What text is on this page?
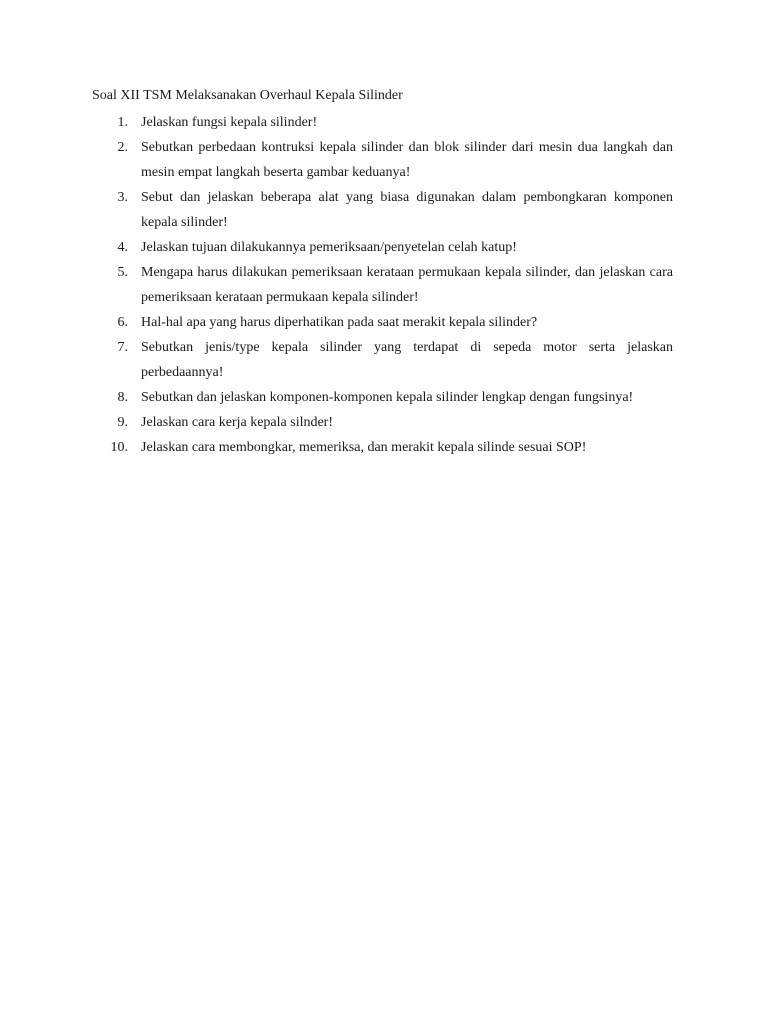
Soal XII TSM Melaksanakan Overhaul Kepala Silinder
1. Jelaskan fungsi kepala silinder!
2. Sebutkan perbedaan kontruksi kepala silinder dan blok silinder dari mesin dua langkah dan mesin empat langkah beserta gambar keduanya!
3. Sebut dan jelaskan beberapa alat yang biasa digunakan dalam pembongkaran komponen kepala silinder!
4. Jelaskan tujuan dilakukannya pemeriksaan/penyetelan celah katup!
5. Mengapa harus dilakukan pemeriksaan kerataan permukaan kepala silinder, dan jelaskan cara pemeriksaan kerataan permukaan kepala silinder!
6. Hal-hal apa yang harus diperhatikan pada saat merakit kepala silinder?
7. Sebutkan jenis/type kepala silinder yang terdapat di sepeda motor serta jelaskan perbedaannya!
8. Sebutkan dan jelaskan komponen-komponen kepala silinder lengkap dengan fungsinya!
9. Jelaskan cara kerja kepala silnder!
10. Jelaskan cara membongkar, memeriksa, dan merakit kepala silinde sesuai SOP!
